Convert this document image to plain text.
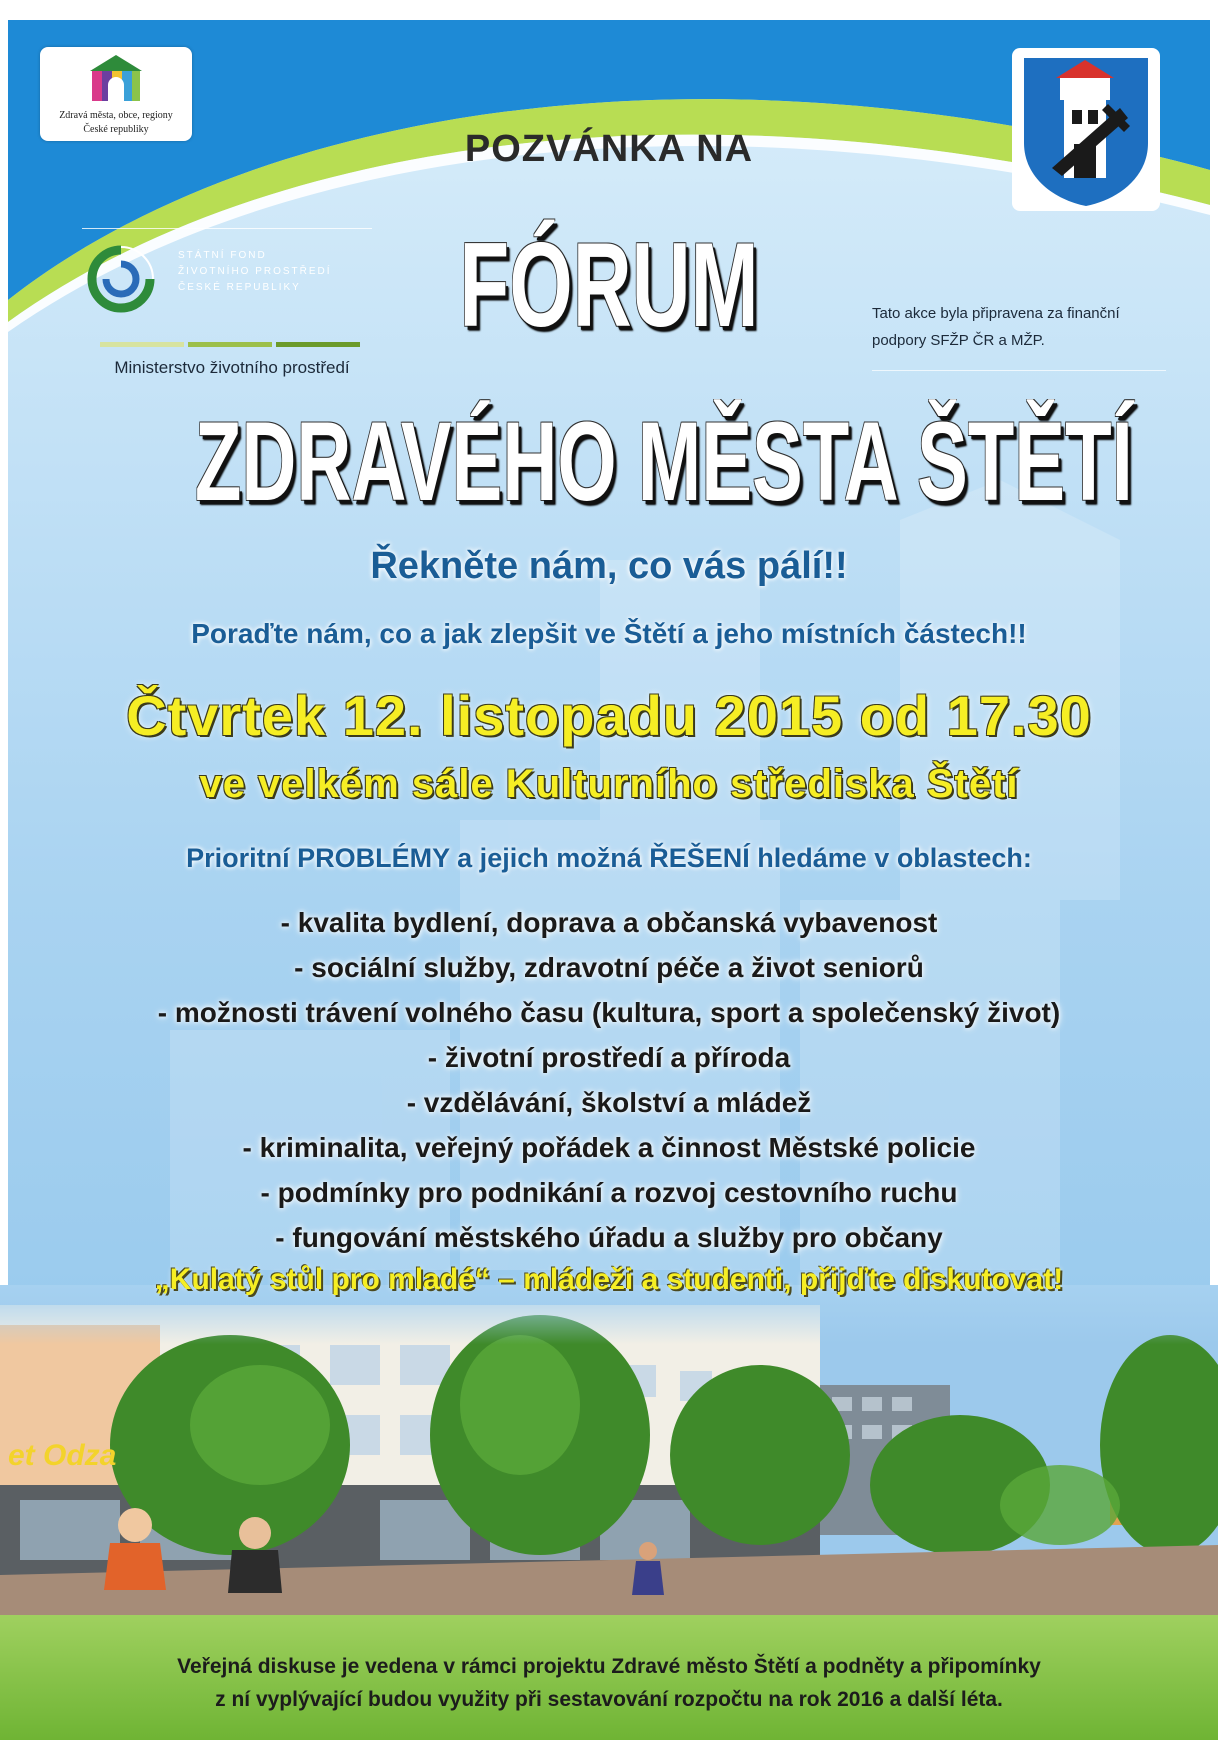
Zdravá města, obce, regiony
České republiky
STÁTNÍ FOND
ŽIVOTNÍHO PROSTŘEDÍ
ČESKÉ REPUBLIKY
Ministerstvo životního prostředí
Tato akce byla připravena za finanční
podpory SFŽP ČR a MŽP.
POZVÁNKA NA
FÓRUM
ZDRAVÉHO MĚSTA ŠTĚTÍ
Řekněte nám, co vás pálí!!
Poraďte nám, co a jak zlepšit ve Štětí a jeho místních částech!!
Čtvrtek 12. listopadu 2015 od 17.30
ve velkém sále Kulturního střediska Štětí
Prioritní PROBLÉMY a jejich možná ŘEŠENÍ hledáme v oblastech:
- kvalita bydlení, doprava a občanská vybavenost
- sociální služby, zdravotní péče a život seniorů
- možnosti trávení volného času (kultura, sport a společenský život)
- životní prostředí a příroda
- vzdělávání, školství a mládež
- kriminalita, veřejný pořádek a činnost Městské policie
- podmínky pro podnikání a rozvoj cestovního ruchu
- fungování městského úřadu a služby pro občany
„Kulatý stůl pro mladé“ – mládeži a studenti, přijďte diskutovat!
Veřejná diskuse je vedena v rámci projektu Zdravé město Štětí a podněty a připomínky
z ní vyplývající budou využity při sestavování rozpočtu na rok 2016 a další léta.
